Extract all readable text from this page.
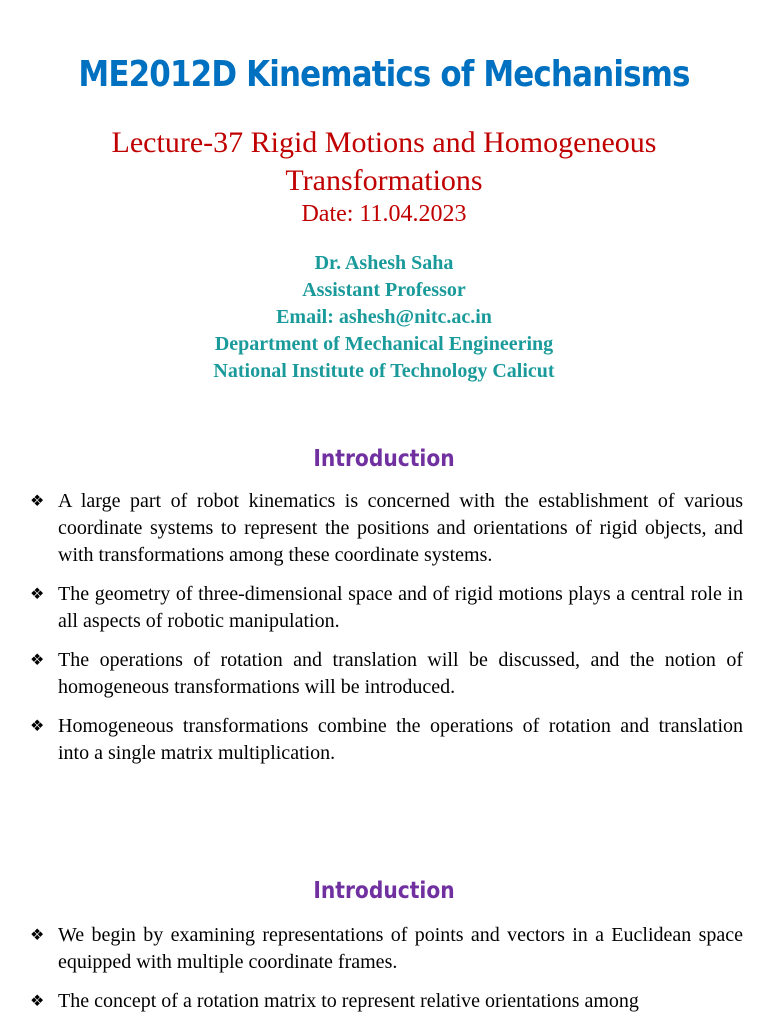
ME2012D Kinematics of Mechanisms
Lecture-37 Rigid Motions and Homogeneous Transformations
Date: 11.04.2023
Dr. Ashesh Saha
Assistant Professor
Email: ashesh@nitc.ac.in
Department of Mechanical Engineering
National Institute of Technology Calicut
Introduction
❖ A large part of robot kinematics is concerned with the establishment of various coordinate systems to represent the positions and orientations of rigid objects, and with transformations among these coordinate systems.
❖ The geometry of three-dimensional space and of rigid motions plays a central role in all aspects of robotic manipulation.
❖ The operations of rotation and translation will be discussed, and the notion of homogeneous transformations will be introduced.
❖ Homogeneous transformations combine the operations of rotation and translation into a single matrix multiplication.
Introduction
❖ We begin by examining representations of points and vectors in a Euclidean space equipped with multiple coordinate frames.
❖ The concept of a rotation matrix to represent relative orientations among
